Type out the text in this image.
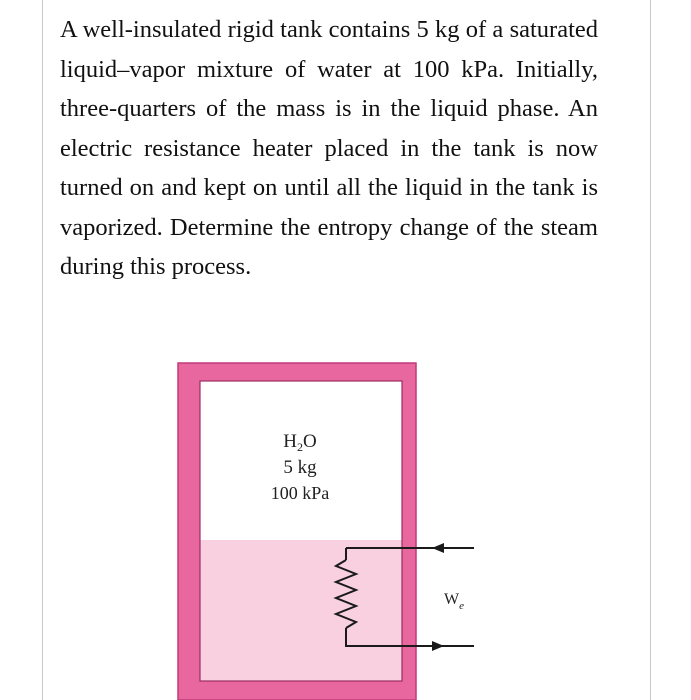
A well-insulated rigid tank contains 5 kg of a saturated liquid–vapor mixture of water at 100 kPa. Initially, three-quarters of the mass is in the liquid phase. An electric resistance heater placed in the tank is now turned on and kept on until all the liquid in the tank is vaporized. Determine the entropy change of the steam during this process.

$H_2O$
5 kg
100 kPa
$W_e$
